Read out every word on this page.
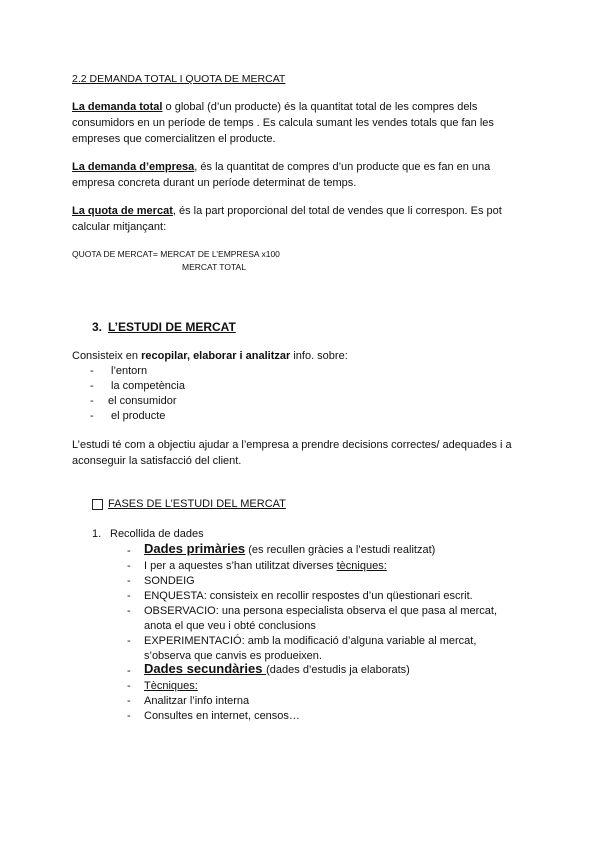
2.2 DEMANDA TOTAL I QUOTA DE MERCAT
La demanda total o global (d’un producte) és la quantitat total de les compres dels
consumidors en un període de temps . Es calcula sumant les vendes totals que fan les
empreses que comercialitzen el producte.
La demanda d’empresa, és la quantitat de compres d’un producte que es fan en una
empresa concreta durant un període determinat de temps.
La quota de mercat, és la part proporcional del total de vendes que li correspon. Es pot
calcular mitjançant:
QUOTA DE MERCAT= MERCAT DE L’EMPRESA x100
MERCAT TOTAL
3. L’ESTUDI DE MERCAT
Consisteix en recopilar, elaborar i analitzar info. sobre:
- l’entorn
- la competència
- el consumidor
- el producte
L’estudi té com a objectiu ajudar a l’empresa a prendre decisions correctes/ adequades i a
aconseguir la satisfacció del client.
FASES DE L’ESTUDI DEL MERCAT
1. Recollida de dades
- Dades primàries (es recullen gràcies a l’estudi realitzat)
- I per a aquestes s’han utilitzat diverses tècniques:
- SONDEIG
- ENQUESTA: consisteix en recollir respostes d’un qüestionari escrit.
- OBSERVACIO: una persona especialista observa el que pasa al mercat,
anota el que veu i obté conclusions
- EXPERIMENTACIÓ: amb la modificació d’alguna variable al mercat,
s’observa que canvis es produeixen.
- Dades secundàries (dades d’estudis ja elaborats)
- Tècniques:
- Analitzar l’info interna
- Consultes en internet, censos…
